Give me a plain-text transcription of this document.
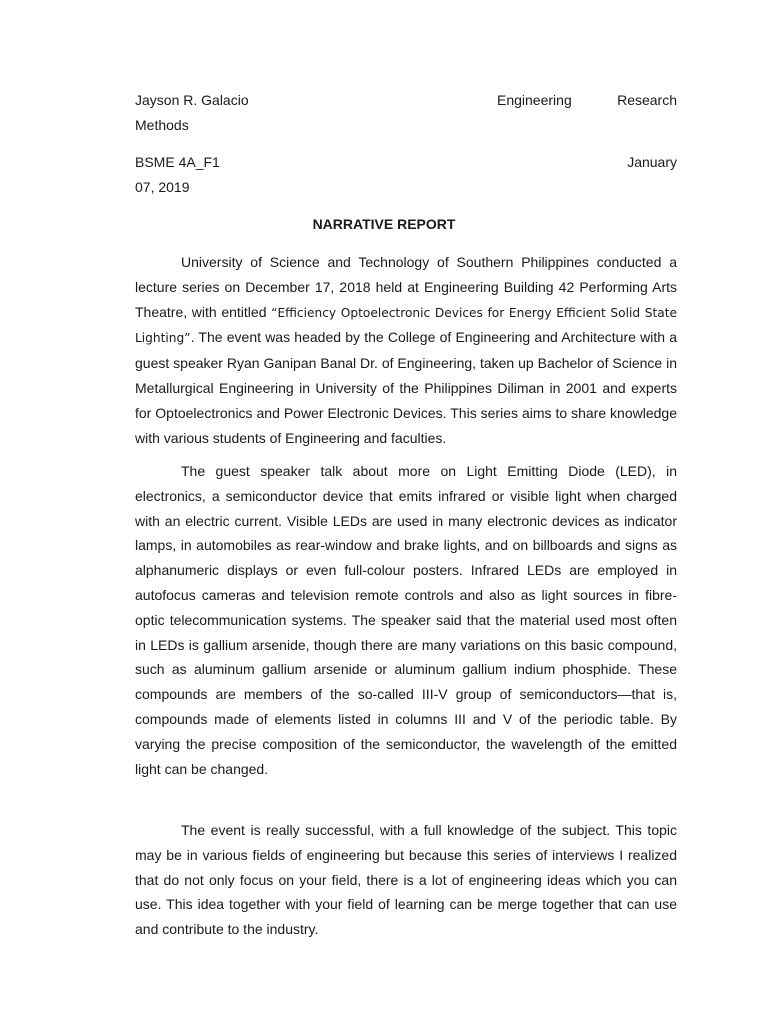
Jayson R. Galacio	Engineering	Research
Methods
BSME 4A_F1	January
07, 2019
NARRATIVE REPORT

University of Science and Technology of Southern Philippines conducted a lecture series on December 17, 2018 held at Engineering Building 42 Performing Arts Theatre, with entitled “Efficiency Optoelectronic Devices for Energy Efficient Solid State Lighting”. The event was headed by the College of Engineering and Architecture with a guest speaker Ryan Ganipan Banal Dr. of Engineering, taken up Bachelor of Science in Metallurgical Engineering in University of the Philippines Diliman in 2001 and experts for Optoelectronics and Power Electronic Devices. This series aims to share knowledge with various students of Engineering and faculties.

The guest speaker talk about more on Light Emitting Diode (LED), in electronics, a semiconductor device that emits infrared or visible light when charged with an electric current. Visible LEDs are used in many electronic devices as indicator lamps, in automobiles as rear-window and brake lights, and on billboards and signs as alphanumeric displays or even full-colour posters. Infrared LEDs are employed in autofocus cameras and television remote controls and also as light sources in fibre-optic telecommunication systems. The speaker said that the material used most often in LEDs is gallium arsenide, though there are many variations on this basic compound, such as aluminum gallium arsenide or aluminum gallium indium phosphide. These compounds are members of the so-called III-V group of semiconductors—that is, compounds made of elements listed in columns III and V of the periodic table. By varying the precise composition of the semiconductor, the wavelength of the emitted light can be changed.

The event is really successful, with a full knowledge of the subject. This topic may be in various fields of engineering but because this series of interviews I realized that do not only focus on your field, there is a lot of engineering ideas which you can use. This idea together with your field of learning can be merge together that can use and contribute to the industry.
